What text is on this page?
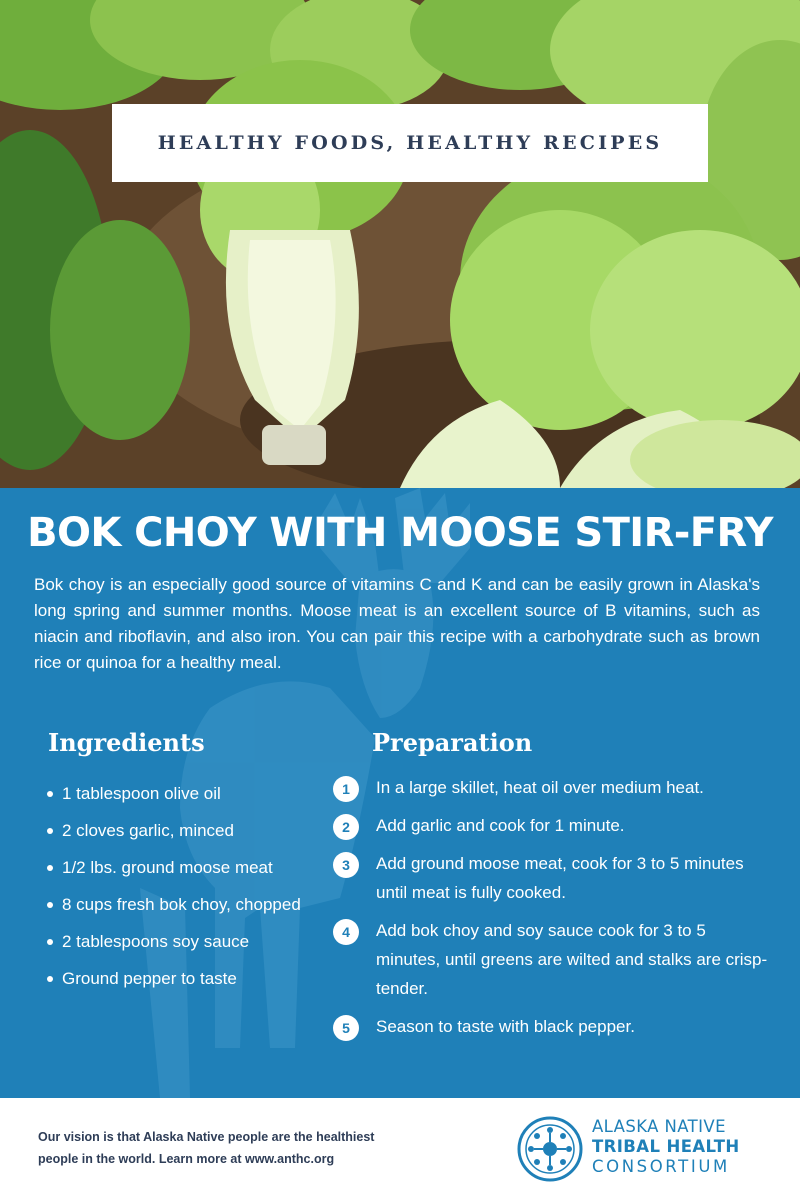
HEALTHY FOODS, HEALTHY RECIPES
BOK CHOY WITH MOOSE STIR-FRY

Bok choy is an especially good source of vitamins C and K and can be easily grown in Alaska's long spring and summer months. Moose meat is an excellent source of B vitamins, such as niacin and riboflavin, and also iron. You can pair this recipe with a carbohydrate such as brown rice or quinoa for a healthy meal.

Ingredients
1 tablespoon olive oil
2 cloves garlic, minced
1/2 lbs. ground moose meat
8 cups fresh bok choy, chopped
2 tablespoons soy sauce
Ground pepper to taste
Preparation
1	In a large skillet, heat oil over medium heat.
2	Add garlic and cook for 1 minute.
3	Add ground moose meat, cook for 3 to 5 minutes until meat is fully cooked.
4	Add bok choy and soy sauce cook for 3 to 5 minutes, until greens are wilted and stalks are crisp-tender.
5	Season to taste with black pepper.

Our vision is that Alaska Native people are the healthiest
people in the world. Learn more at www.anthc.org

ALASKA NATIVE
TRIBAL HEALTH
CONSORTIUM
